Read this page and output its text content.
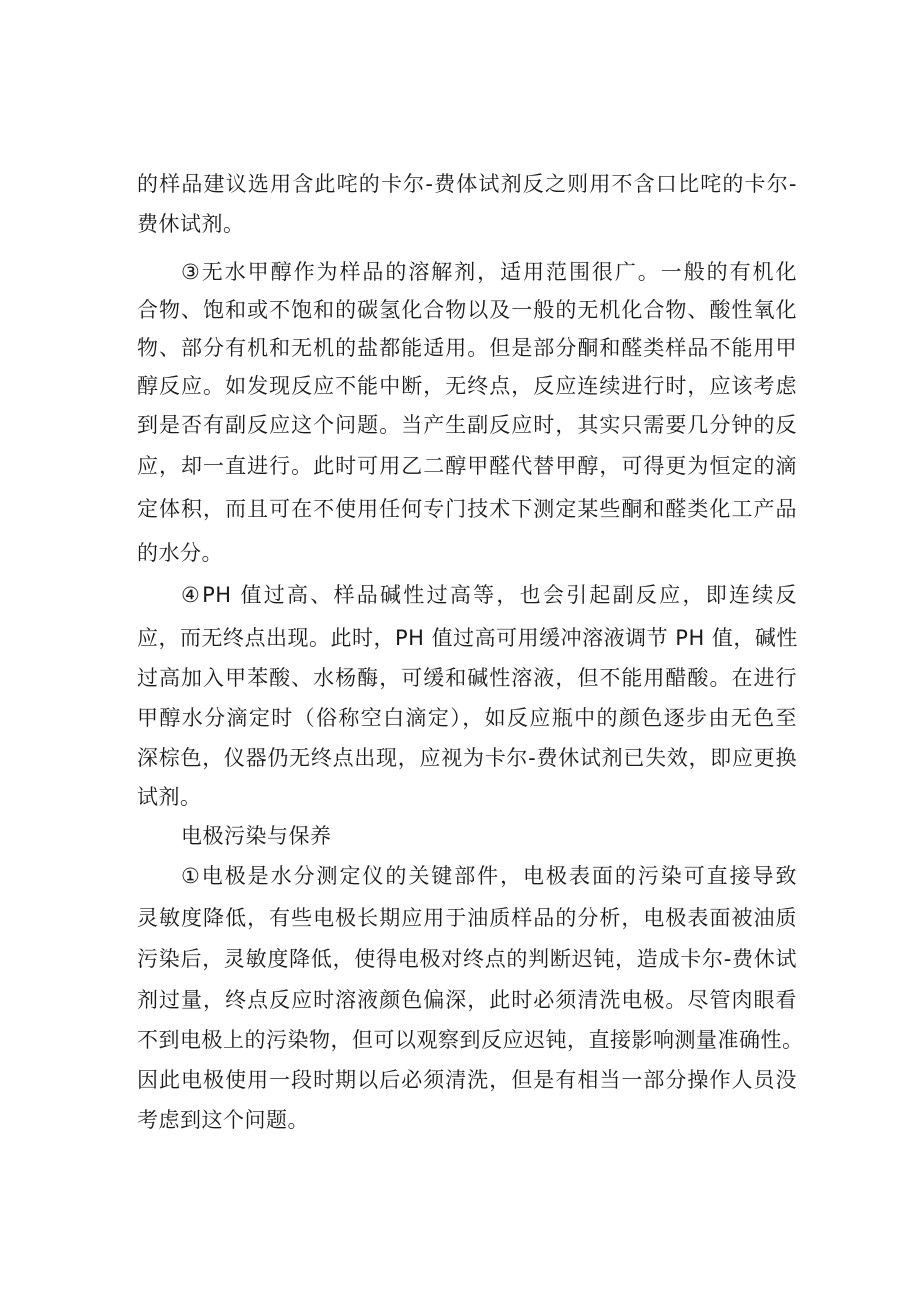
的样品建议选用含此咤的卡尔-费体试剂反之则用不含口比咤的卡尔-
费休试剂。
③无水甲醇作为样品的溶解剂，适用范围很广。一般的有机化
合物、饱和或不饱和的碳氢化合物以及一般的无机化合物、酸性氧化
物、部分有机和无机的盐都能适用。但是部分酮和醛类样品不能用甲
醇反应。如发现反应不能中断，无终点，反应连续进行时，应该考虑
到是否有副反应这个问题。当产生副反应时，其实只需要几分钟的反
应，却一直进行。此时可用乙二醇甲醛代替甲醇，可得更为恒定的滴
定体积，而且可在不使用任何专门技术下测定某些酮和醛类化工产品
的水分。
④PH 值过高、样品碱性过高等，也会引起副反应，即连续反
应，而无终点出现。此时，PH 值过高可用缓冲溶液调节 PH 值，碱性
过高加入甲苯酸、水杨酶，可缓和碱性溶液，但不能用醋酸。在进行
甲醇水分滴定时（俗称空白滴定），如反应瓶中的颜色逐步由无色至
深棕色，仪器仍无终点出现，应视为卡尔-费休试剂已失效，即应更换
试剂。
电极污染与保养
①电极是水分测定仪的关键部件，电极表面的污染可直接导致
灵敏度降低，有些电极长期应用于油质样品的分析，电极表面被油质
污染后，灵敏度降低，使得电极对终点的判断迟钝，造成卡尔-费休试
剂过量，终点反应时溶液颜色偏深，此时必须清洗电极。尽管肉眼看
不到电极上的污染物，但可以观察到反应迟钝，直接影响测量准确性。
因此电极使用一段时期以后必须清洗，但是有相当一部分操作人员没
考虑到这个问题。
